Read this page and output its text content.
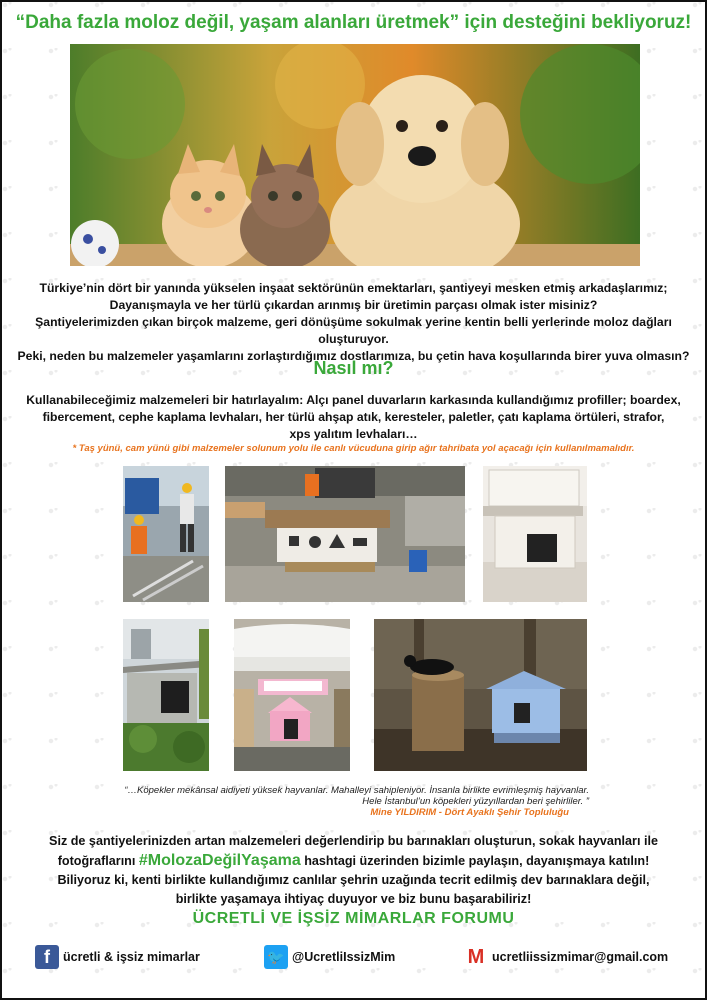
“Daha fazla moloz değil, yaşam alanları üretmek” için desteğini bekliyoruz!
Türkiye’nin dört bir yanında yükselen inşaat sektörünün emektarları, şantiyeyi mesken etmiş arkadaşlarımız;
Dayanışmayla ve her türlü çıkardan arınmış bir üretimin parçası olmak ister misiniz?
Şantiyelerimizden çıkan birçok malzeme, geri dönüşüme sokulmak yerine kentin belli yerlerinde moloz dağları oluşturuyor.
Peki, neden bu malzemeler yaşamlarını zorlaştırdığımız dostlarımıza, bu çetin hava koşullarında birer yuva olmasın?
Nasıl mı?
Kullanabileceğimiz malzemeleri bir hatırlayalım: Alçı panel duvarların karkasında kullandığımız profiller; boardex,
fibercement, cephe kaplama levhaları, her türlü ahşap atık, keresteler, paletler, çatı kaplama örtüleri, strafor,
xps yalıtım levhaları…
* Taş yünü, cam yünü gibi malzemeler solunum yolu ile canlı vücuduna girip ağır tahribata yol açacağı için kullanılmamalıdır.
“…Köpekler mekânsal aidiyeti yüksek hayvanlar. Mahalleyi sahipleniyor. İnsanla birlikte evrimleşmiş hayvanlar.
Hele İstanbul’un köpekleri yüzyıllardan beri şehirliler. ”
Mine YILDIRIM - Dört Ayaklı Şehir Topluluğu
Siz de şantiyelerinizden artan malzemeleri değerlendirip bu barınakları oluşturun, sokak hayvanları ile
fotoğraflarını #MolozaDeğilYaşama hashtagi üzerinden bizimle paylaşın, dayanışmaya katılın!
Biliyoruz ki, kenti birlikte kullandığımız canlılar şehrin uzağında tecrit edilmiş dev barınaklara değil,
birlikte yaşamaya ihtiyaç duyuyor ve biz bunu başarabiliriz!
ÜCRETLİ VE İŞSİZ MİMARLAR FORUMU
f	ücretli & işsiz mimarlar	🐦 @UcretliIssizMim	M ucretliissizmimar@gmail.com
